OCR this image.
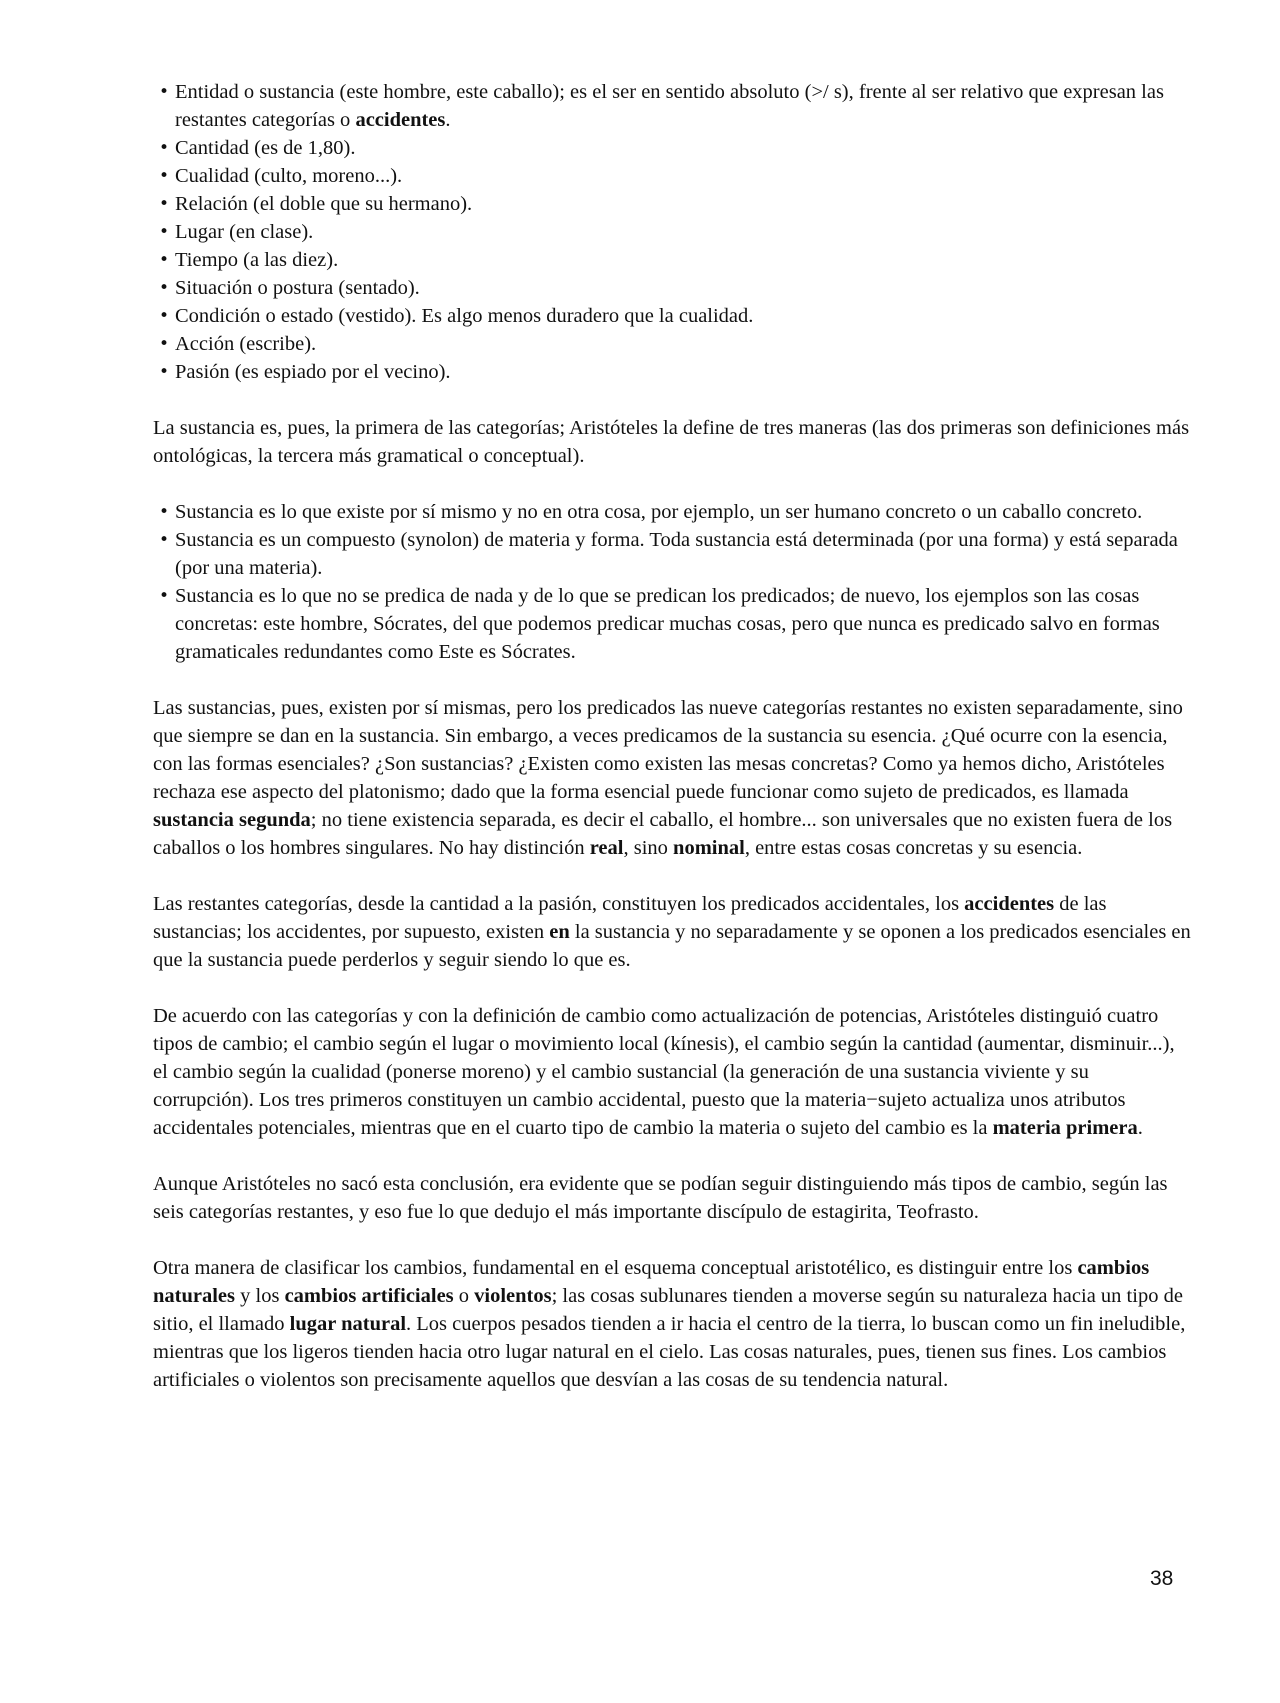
• Entidad o sustancia (este hombre, este caballo); es el ser en sentido absoluto (>/ s), frente al ser relativo que expresan las restantes categorías o accidentes.
• Cantidad (es de 1,80).
• Cualidad (culto, moreno...).
• Relación (el doble que su hermano).
• Lugar (en clase).
• Tiempo (a las diez).
• Situación o postura (sentado).
• Condición o estado (vestido). Es algo menos duradero que la cualidad.
• Acción (escribe).
• Pasión (es espiado por el vecino).

La sustancia es, pues, la primera de las categorías; Aristóteles la define de tres maneras (las dos primeras son definiciones más ontológicas, la tercera más gramatical o conceptual).

• Sustancia es lo que existe por sí mismo y no en otra cosa, por ejemplo, un ser humano concreto o un caballo concreto.
• Sustancia es un compuesto (synolon) de materia y forma. Toda sustancia está determinada (por una forma) y está separada (por una materia).
• Sustancia es lo que no se predica de nada y de lo que se predican los predicados; de nuevo, los ejemplos son las cosas concretas: este hombre, Sócrates, del que podemos predicar muchas cosas, pero que nunca es predicado salvo en formas gramaticales redundantes como Este es Sócrates.

Las sustancias, pues, existen por sí mismas, pero los predicados las nueve categorías restantes no existen separadamente, sino que siempre se dan en la sustancia. Sin embargo, a veces predicamos de la sustancia su esencia. ¿Qué ocurre con la esencia, con las formas esenciales? ¿Son sustancias? ¿Existen como existen las mesas concretas? Como ya hemos dicho, Aristóteles rechaza ese aspecto del platonismo; dado que la forma esencial puede funcionar como sujeto de predicados, es llamada sustancia segunda; no tiene existencia separada, es decir el caballo, el hombre... son universales que no existen fuera de los caballos o los hombres singulares. No hay distinción real, sino nominal, entre estas cosas concretas y su esencia.

Las restantes categorías, desde la cantidad a la pasión, constituyen los predicados accidentales, los accidentes de las sustancias; los accidentes, por supuesto, existen en la sustancia y no separadamente y se oponen a los predicados esenciales en que la sustancia puede perderlos y seguir siendo lo que es.

De acuerdo con las categorías y con la definición de cambio como actualización de potencias, Aristóteles distinguió cuatro tipos de cambio; el cambio según el lugar o movimiento local (kínesis), el cambio según la cantidad (aumentar, disminuir...), el cambio según la cualidad (ponerse moreno) y el cambio sustancial (la generación de una sustancia viviente y su corrupción). Los tres primeros constituyen un cambio accidental, puesto que la materia−sujeto actualiza unos atributos accidentales potenciales, mientras que en el cuarto tipo de cambio la materia o sujeto del cambio es la materia primera.

Aunque Aristóteles no sacó esta conclusión, era evidente que se podían seguir distinguiendo más tipos de cambio, según las seis categorías restantes, y eso fue lo que dedujo el más importante discípulo de estagirita, Teofrasto.

Otra manera de clasificar los cambios, fundamental en el esquema conceptual aristotélico, es distinguir entre los cambios naturales y los cambios artificiales o violentos; las cosas sublunares tienden a moverse según su naturaleza hacia un tipo de sitio, el llamado lugar natural. Los cuerpos pesados tienden a ir hacia el centro de la tierra, lo buscan como un fin ineludible, mientras que los ligeros tienden hacia otro lugar natural en el cielo. Las cosas naturales, pues, tienen sus fines. Los cambios artificiales o violentos son precisamente aquellos que desvían a las cosas de su tendencia natural.

38
